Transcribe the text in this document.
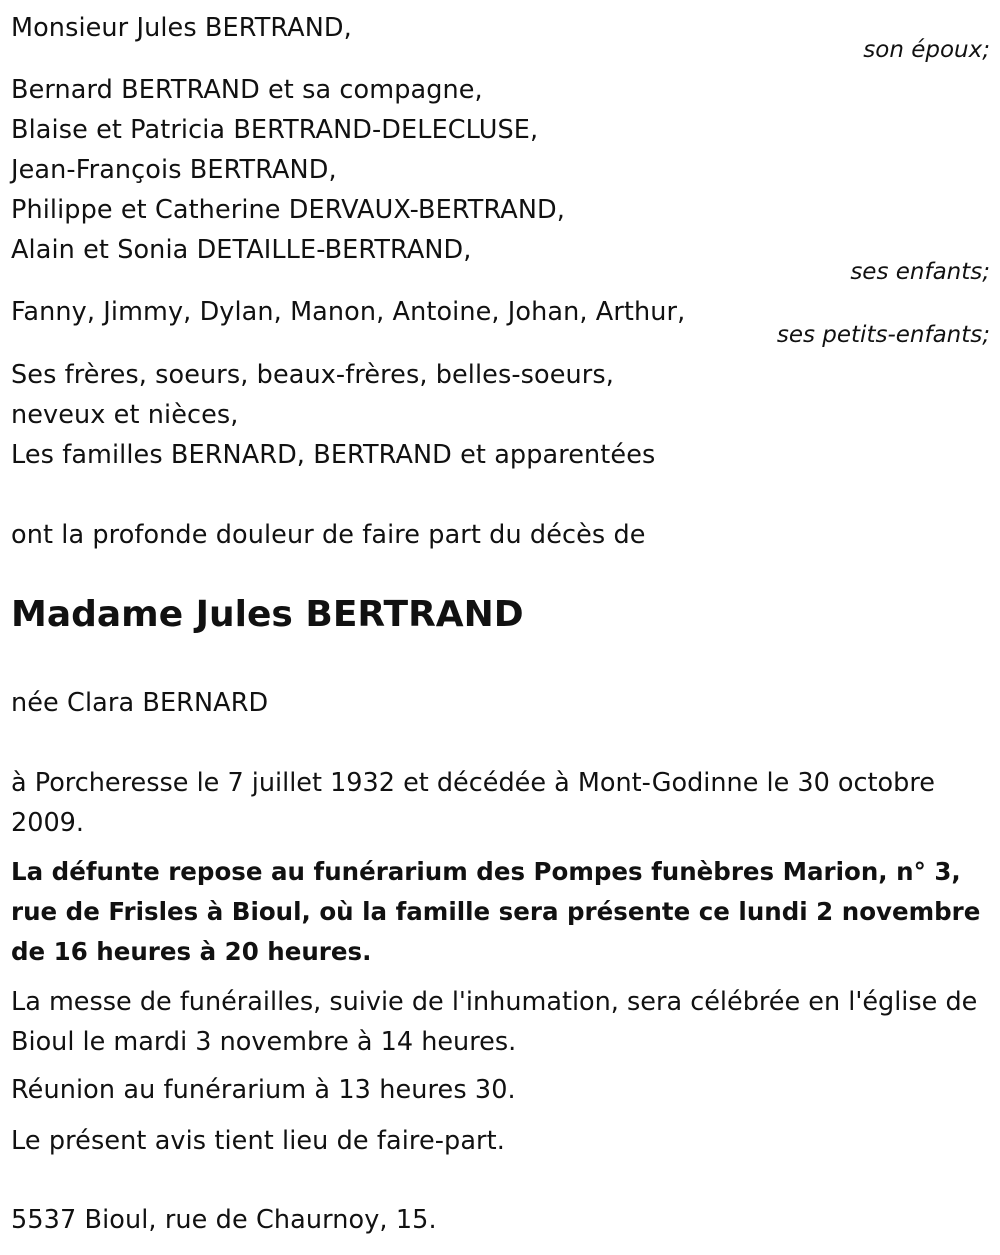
Monsieur Jules BERTRAND,
son époux;
Bernard BERTRAND et sa compagne,
Blaise et Patricia BERTRAND-DELECLUSE,
Jean-François BERTRAND,
Philippe et Catherine DERVAUX-BERTRAND,
Alain et Sonia DETAILLE-BERTRAND,
ses enfants;
Fanny, Jimmy, Dylan, Manon, Antoine, Johan, Arthur,
ses petits-enfants;
Ses frères, soeurs, beaux-frères, belles-soeurs,
neveux et nièces,
Les familles BERNARD, BERTRAND et apparentées
ont la profonde douleur de faire part du décès de
Madame Jules BERTRAND
née Clara BERNARD
à Porcheresse le 7 juillet 1932 et décédée à Mont-Godinne le 30 octobre 2009.
La défunte repose au funérarium des Pompes funèbres Marion, n° 3, rue de Frisles à Bioul, où la famille sera présente ce lundi 2 novembre de 16 heures à 20 heures.
La messe de funérailles, suivie de l'inhumation, sera célébrée en l'église de Bioul le mardi 3 novembre à 14 heures.
Réunion au funérarium à 13 heures 30.
Le présent avis tient lieu de faire-part.
5537 Bioul, rue de Chaurnoy, 15.
